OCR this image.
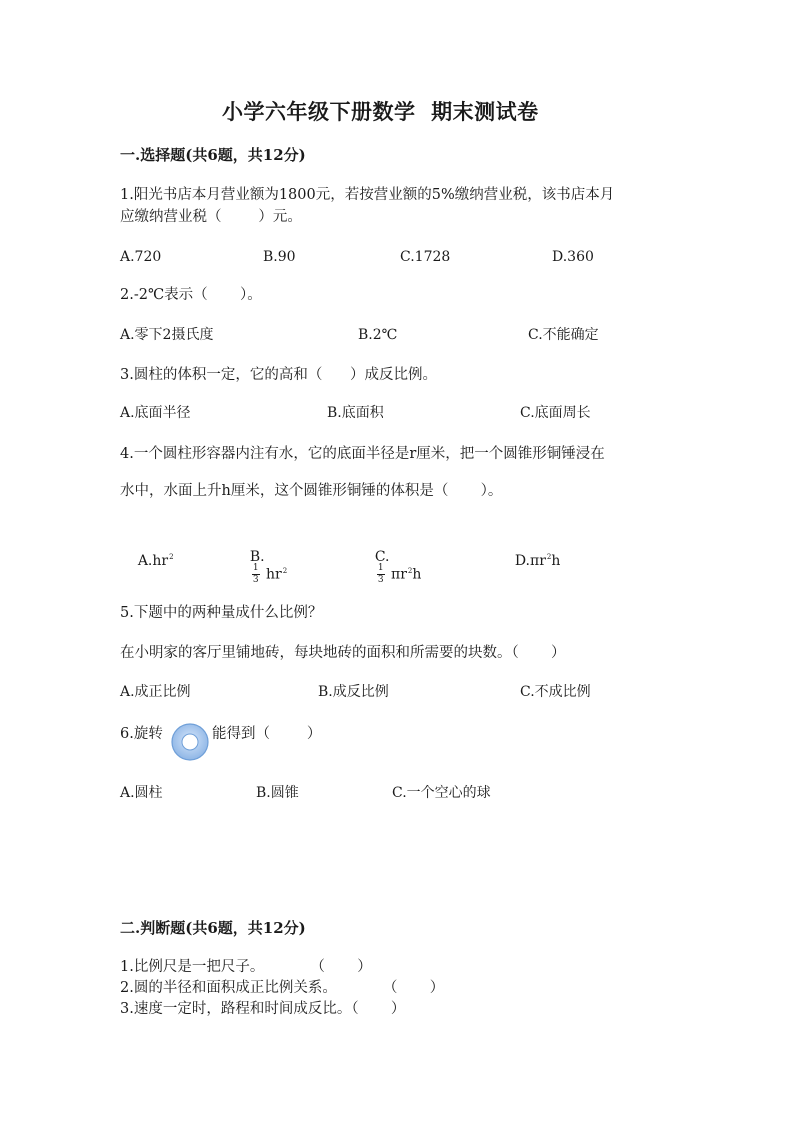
小学六年级下册数学  期末测试卷
一.选择题(共6题，共12分)
1.阳光书店本月营业额为1800元，若按营业额的5%缴纳营业税，该书店本月
应缴纳营业税（        ）元。
A.720	B.90	C.1728	D.360
2.-2℃表示（       ）。
A.零下2摄氏度	B.2℃	C.不能确定
3.圆柱的体积一定，它的高和（      ）成反比例。
A.底面半径	B.底面积	C.底面周长
4.一个圆柱形容器内注有水，它的底面半径是r厘米，把一个圆锥形铜锤浸在
水中，水面上升h厘米，这个圆锥形铜锤的体积是（       ）。

$A.hr^2$
	B.

$\frac{1}{3} hr^2$

C.

$\frac{1}{3} \pi r^2h$

$D.\pi r^2h$

5.下题中的两种量成什么比例？
在小明家的客厅里铺地砖，每块地砖的面积和所需要的块数。（       ）
A.成正比例	B.成反比例	C.不成比例
6.旋转	能得到（        ）
A.圆柱	B.圆锥	C.一个空心的球
二.判断题(共6题，共12分)
1.比例尺是一把尺子。          （       ）
2.圆的半径和面积成正比例关系。          （       ）
3.速度一定时，路程和时间成反比。（       ）
